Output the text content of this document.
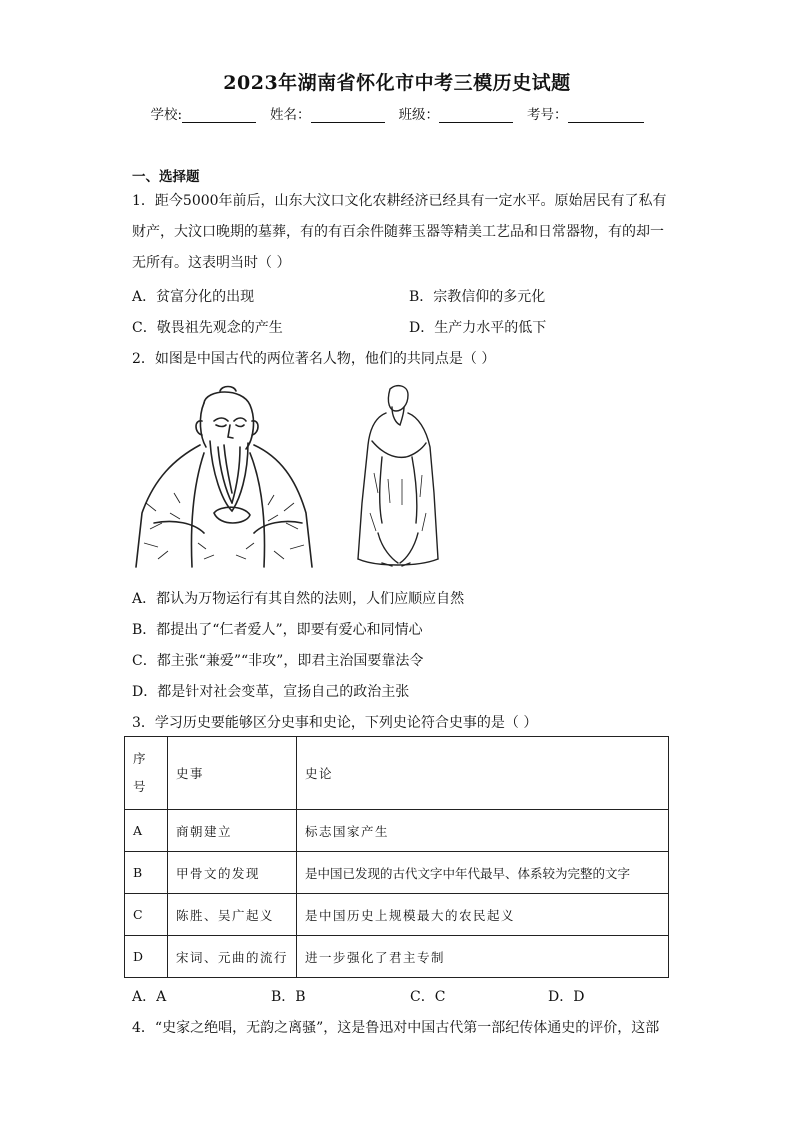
2023年湖南省怀化市中考三模历史试题
学校:	姓名：	班级：	考号：
一、选择题
1．距今5000年前后，山东大汶口文化农耕经济已经具有一定水平。原始居民有了私有
财产，大汶口晚期的墓葬，有的有百余件随葬玉器等精美工艺品和日常器物，有的却一
无所有。这表明当时（ ）
A．贫富分化的出现	B．宗教信仰的多元化
C．敬畏祖先观念的产生	D．生产力水平的低下
2．如图是中国古代的两位著名人物，他们的共同点是（ ）
A．都认为万物运行有其自然的法则，人们应顺应自然
B．都提出了“仁者爱人”，即要有爱心和同情心
C．都主张“兼爱”“非攻”，即君主治国要靠法令
D．都是针对社会变革，宣扬自己的政治主张
3．学习历史要能够区分史事和史论，下列史论符合史事的是（ ）
序
号	史事	史论
A	商朝建立	标志国家产生
B	甲骨文的发现	是中国已发现的古代文字中年代最早、体系较为完整的文字
C	陈胜、吴广起义	是中国历史上规模最大的农民起义
D	宋词、元曲的流行	进一步强化了君主专制
A．A	B．B	C．C	D．D
4．“史家之绝唱，无韵之离骚”，这是鲁迅对中国古代第一部纪传体通史的评价，这部
